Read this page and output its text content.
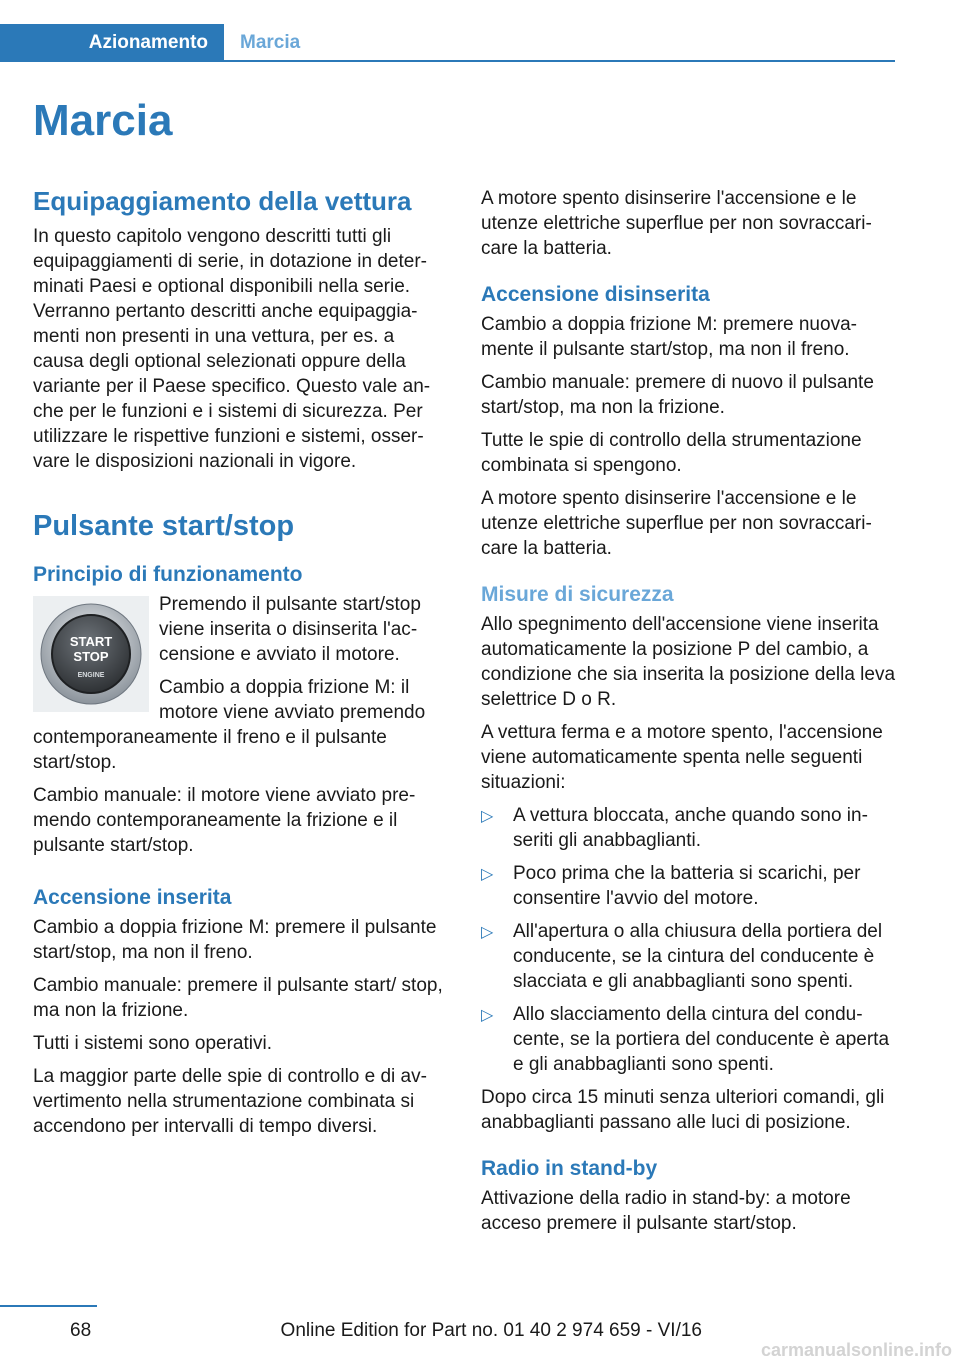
Azionamento	Marcia
Marcia
Equipaggiamento della vettura

In questo capitolo vengono descritti tutti gli equipaggiamenti di serie, in dotazione in determinati Paesi e optional disponibili nella serie. Verranno pertanto descritti anche equipaggiamenti non presenti in una vettura, per es. a causa degli optional selezionati oppure della variante per il Paese specifico. Questo vale anche per le funzioni e i sistemi di sicurezza. Per utilizzare le rispettive funzioni e sistemi, osservare le disposizioni nazionali in vigore.

Pulsante start/stop
Principio di funzionamento
START
STOP
ENGINE

Premendo il pulsante start/stop viene inserita o disinserita l'accensione e avviato il motore.

Cambio a doppia frizione M: il motore viene avviato premendo contemporaneamente il freno e il pulsante start/stop.

Cambio manuale: il motore viene avviato premendo contemporaneamente la frizione e il pulsante start/stop.

Accensione inserita

Cambio a doppia frizione M: premere il pulsante start/stop, ma non il freno.

Cambio manuale: premere il pulsante start/ stop, ma non la frizione.

Tutti i sistemi sono operativi.

La maggior parte delle spie di controllo e di avvertimento nella strumentazione combinata si accendono per intervalli di tempo diversi.

A motore spento disinserire l'accensione e le utenze elettriche superflue per non sovraccaricare la batteria.

Accensione disinserita

Cambio a doppia frizione M: premere nuovamente il pulsante start/stop, ma non il freno.

Cambio manuale: premere di nuovo il pulsante start/stop, ma non la frizione.

Tutte le spie di controllo della strumentazione combinata si spengono.

A motore spento disinserire l'accensione e le utenze elettriche superflue per non sovraccaricare la batteria.

Misure di sicurezza

Allo spegnimento dell'accensione viene inserita automaticamente la posizione P del cambio, a condizione che sia inserita la posizione della leva selettrice D o R.

A vettura ferma e a motore spento, l'accensione viene automaticamente spenta nelle seguenti situazioni:

▷ A vettura bloccata, anche quando sono inseriti gli anabbaglianti.
▷ Poco prima che la batteria si scarichi, per consentire l'avvio del motore.
▷ All'apertura o alla chiusura della portiera del conducente, se la cintura del conducente è slacciata e gli anabbaglianti sono spenti.
▷ Allo slacciamento della cintura del conducente, se la portiera del conducente è aperta e gli anabbaglianti sono spenti.

Dopo circa 15 minuti senza ulteriori comandi, gli anabbaglianti passano alle luci di posizione.

Radio in stand-by

Attivazione della radio in stand-by: a motore acceso premere il pulsante start/stop.

68	Online Edition for Part no. 01 40 2 974 659 - VI/16
carmanualsonline.info
